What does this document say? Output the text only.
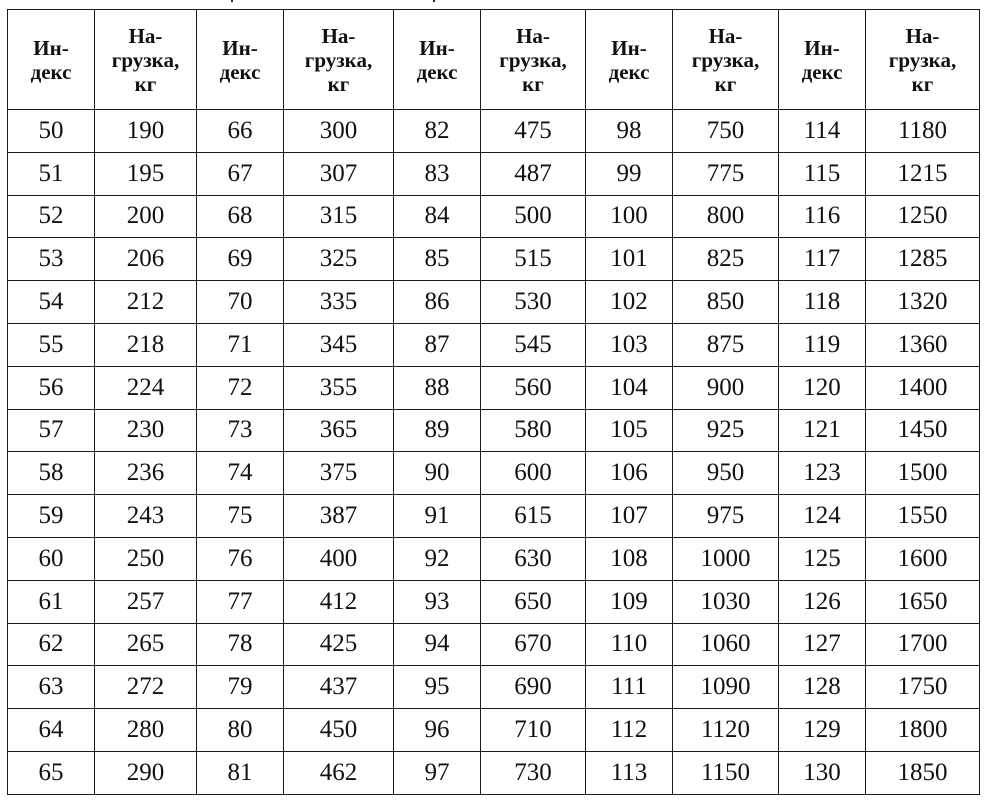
Ин-
декс	На-
грузка,
кг	Ин-
декс	На-
грузка,
кг	Ин-
декс	На-
грузка,
кг	Ин-
декс	На-
грузка,
кг	Ин-
декс	На-
грузка,
кг

50	190	66	300	82	475	98	750	114	1180
51	195	67	307	83	487	99	775	115	1215
52	200	68	315	84	500	100	800	116	1250
53	206	69	325	85	515	101	825	117	1285
54	212	70	335	86	530	102	850	118	1320
55	218	71	345	87	545	103	875	119	1360
56	224	72	355	88	560	104	900	120	1400
57	230	73	365	89	580	105	925	121	1450
58	236	74	375	90	600	106	950	123	1500
59	243	75	387	91	615	107	975	124	1550
60	250	76	400	92	630	108	1000	125	1600
61	257	77	412	93	650	109	1030	126	1650
62	265	78	425	94	670	110	1060	127	1700
63	272	79	437	95	690	111	1090	128	1750
64	280	80	450	96	710	112	1120	129	1800
65	290	81	462	97	730	113	1150	130	1850
